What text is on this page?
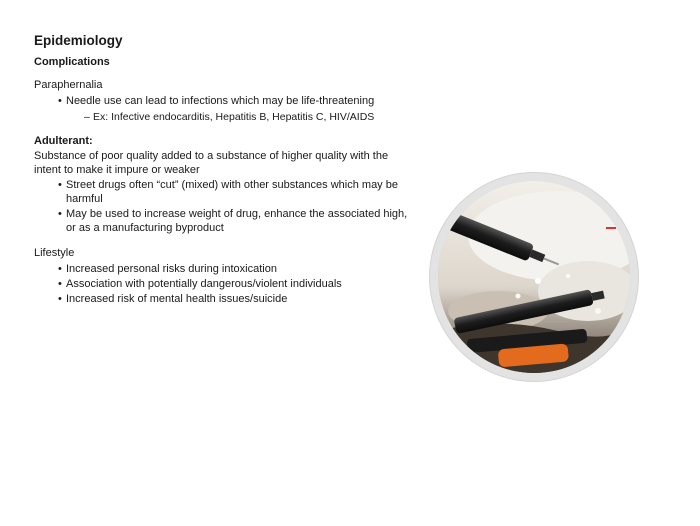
Epidemiology
Complications
Paraphernalia
• Needle use can lead to infections which may be life-threatening
– Ex: Infective endocarditis, Hepatitis B, Hepatitis C, HIV/AIDS
Adulterant:
Substance of poor quality added to a substance of higher quality with the intent to make it impure or weaker
• Street drugs often “cut” (mixed) with other substances which may be harmful
• May be used to increase weight of drug, enhance the associated high, or as a manufacturing byproduct
Lifestyle
• Increased personal risks during intoxication
• Association with potentially dangerous/violent individuals
• Increased risk of mental health issues/suicide
